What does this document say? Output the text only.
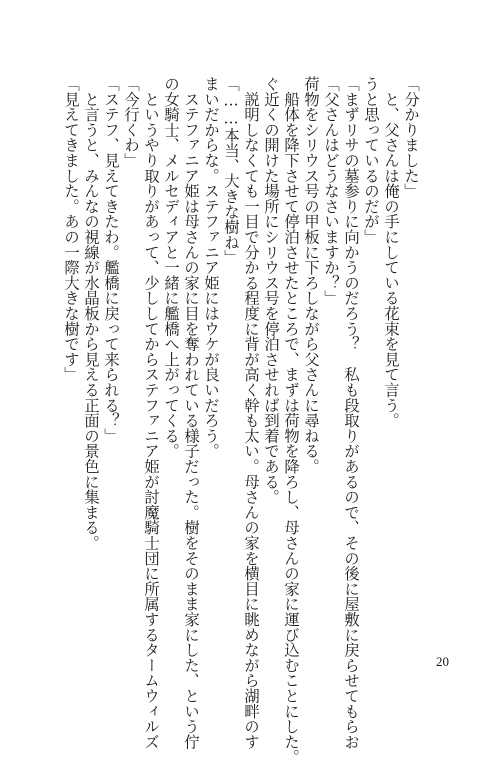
「見えてきました。あの一際大きな樹です」 　と言うと、みんなの視線が水晶板から見える正面の景色に集まる。 「ステフ、見えてきたわ。艦橋に戻って来られる？」 「今行くわ」 　というやり取りがあって、少ししてからステファニア姫が討魔騎士団に所属するタームウィルズ の女騎士、メルセディアと一緒に艦橋へ上がってくる。 　ステファニア姫は母さんの家に目を奪われている様子だった。樹をそのまま家にした、という佇 まいだからな。ステファニア姫にはウケが良いだろう。 「……本当、大きな樹ね」 　説明しなくても一目で分かる程度に背が高く幹も太い。母さんの家を横目に眺めながら湖畔のす ぐ近くの開けた場所にシリウス号を停泊させれば到着である。 　船体を降下させて停泊させたところで、まずは荷物を降ろし、母さんの家に運び込むことにした。 荷物をシリウス号の甲板に下ろしながら父さんに尋ねる。 「父さんはどうなさいますか？」 「まずリサの墓参りに向かうのだろう？　私も段取りがあるので、その後に屋敷に戻らせてもらお うと思っているのだが」 　と、父さんは俺の手にしている花束を見て言う。 「分かりました」
20
